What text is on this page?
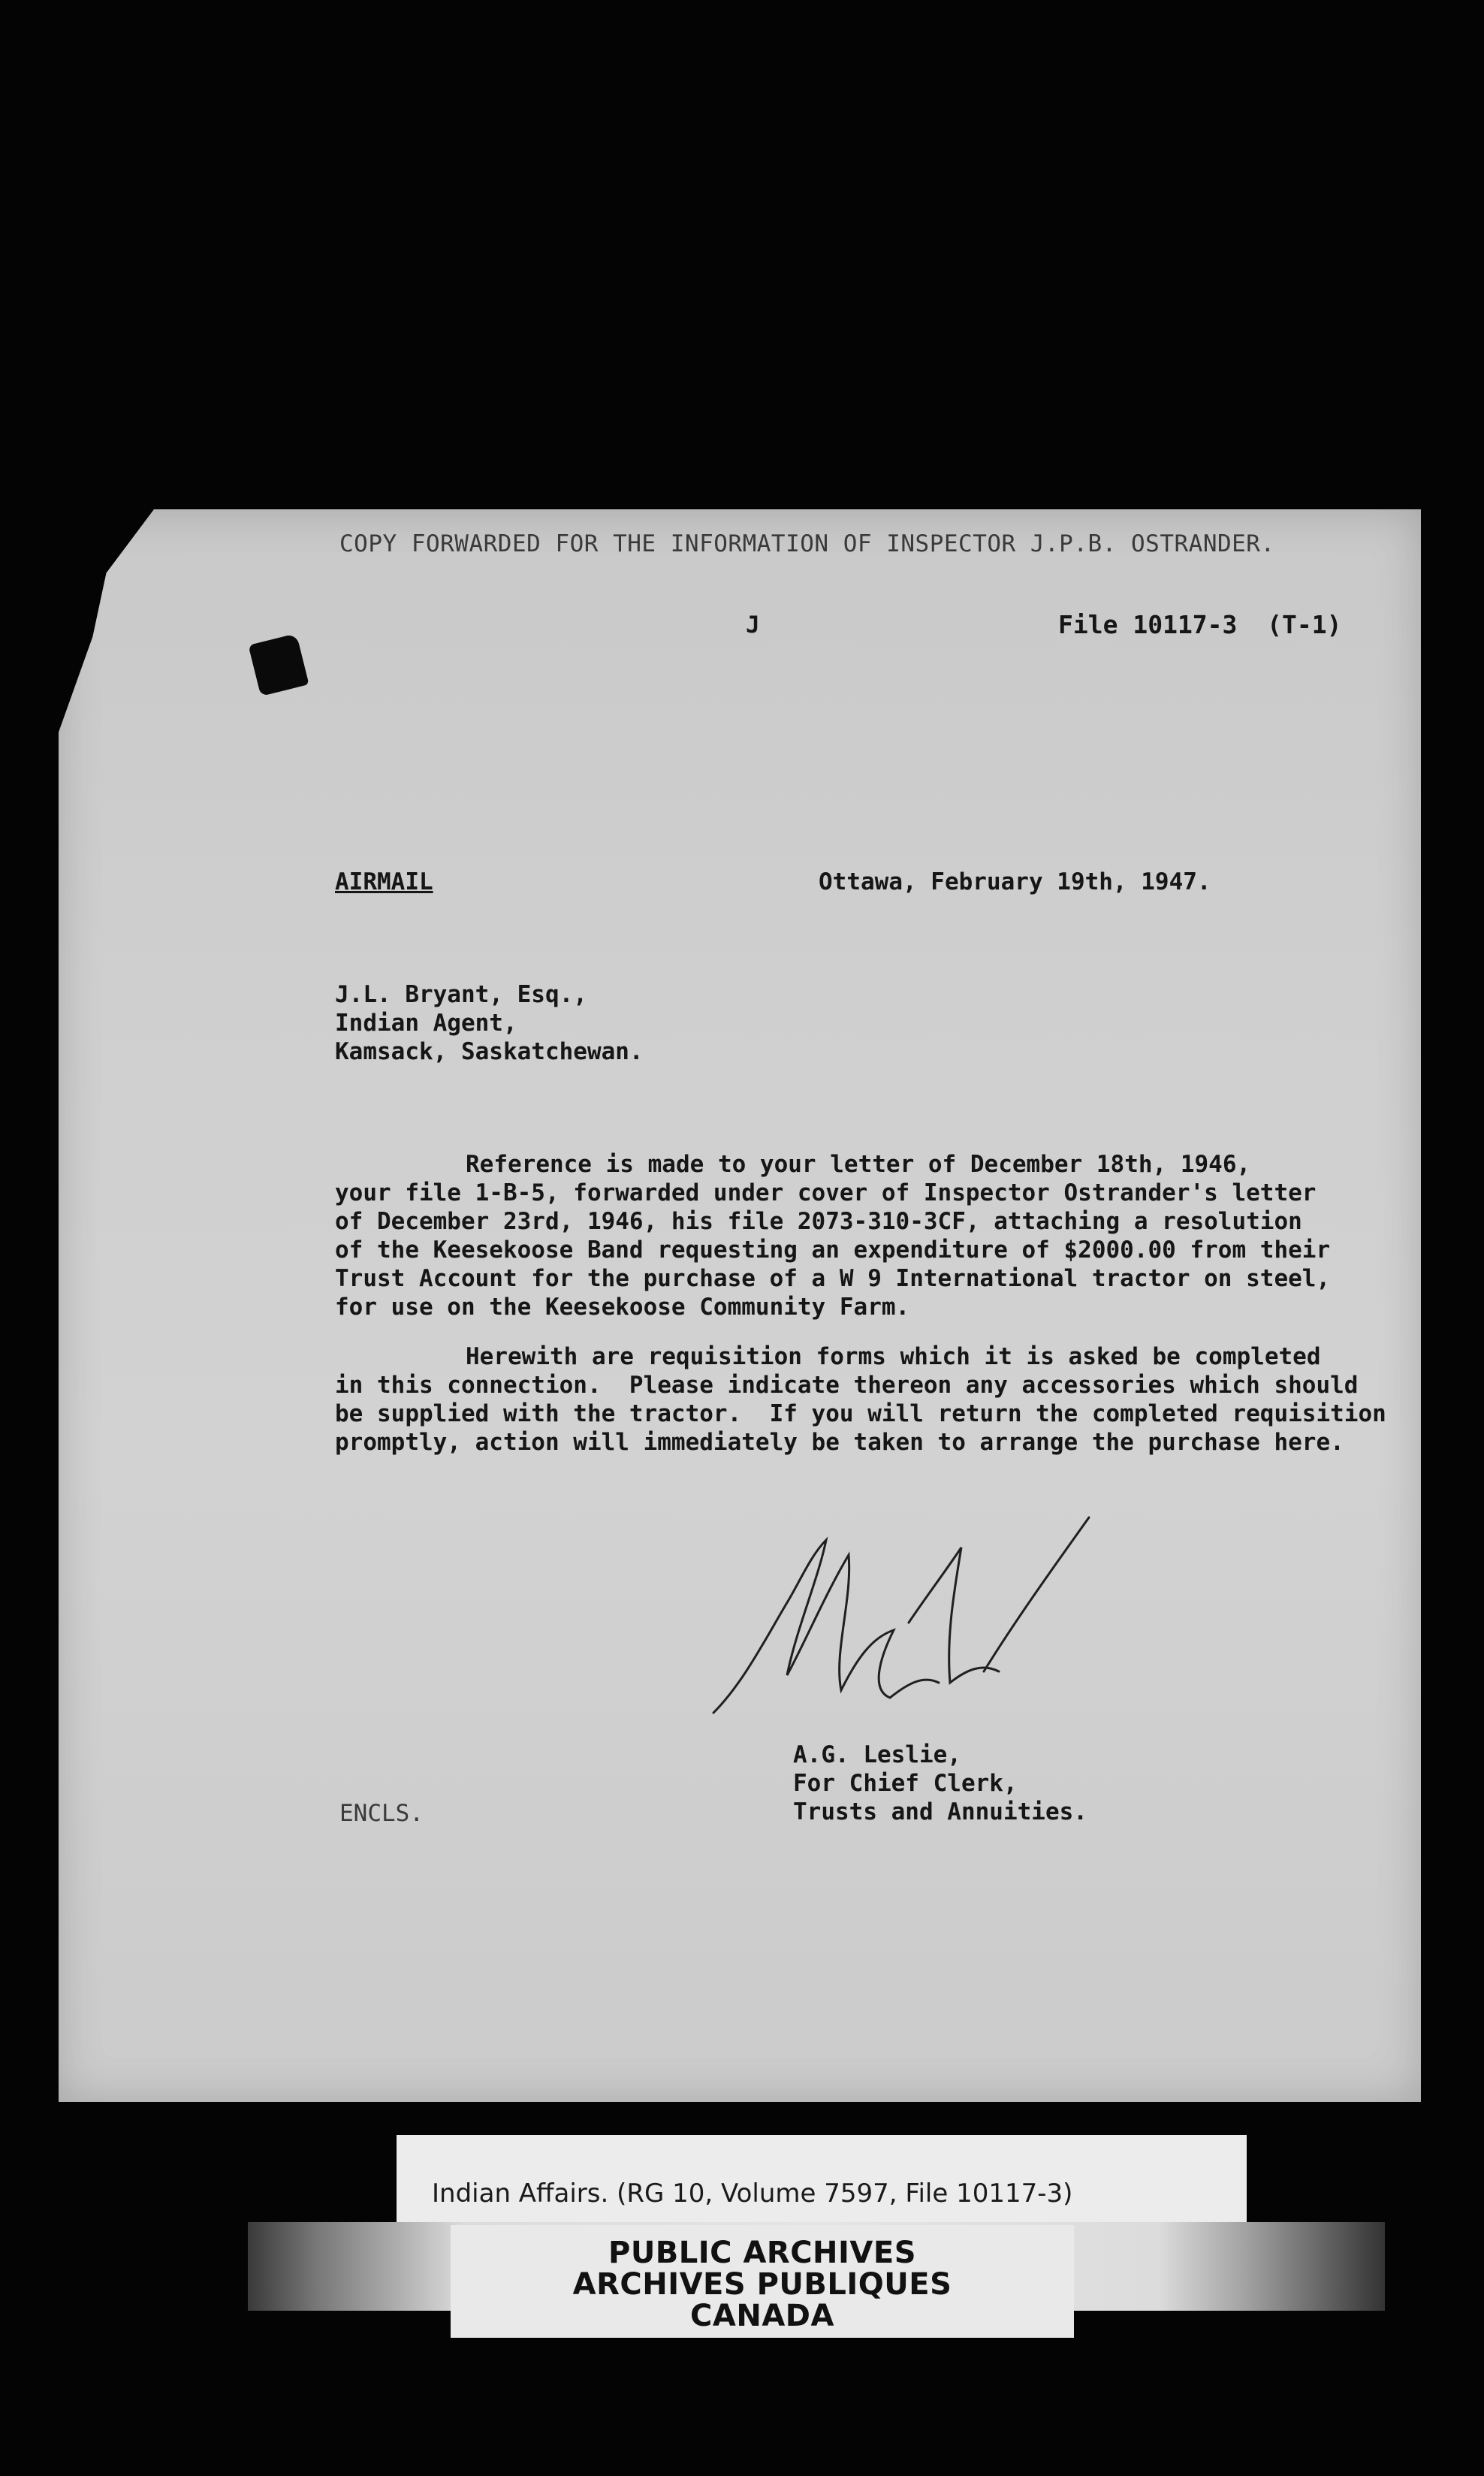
COPY FORWARDED FOR THE INFORMATION OF INSPECTOR J.P.B. OSTRANDER.
J	File 10117-3  (T-1)
AIRMAIL	Ottawa, February 19th, 1947.
J.L. Bryant, Esq.,
Indian Agent,
Kamsack, Saskatchewan.
Reference is made to your letter of December 18th, 1946,
your file 1-B-5, forwarded under cover of Inspector Ostrander's letter
of December 23rd, 1946, his file 2073-310-3CF, attaching a resolution
of the Keesekoose Band requesting an expenditure of $2000.00 from their
Trust Account for the purchase of a W 9 International tractor on steel,
for use on the Keesekoose Community Farm.
Herewith are requisition forms which it is asked be completed
in this connection.  Please indicate thereon any accessories which should
be supplied with the tractor.  If you will return the completed requisition
promptly, action will immediately be taken to arrange the purchase here.
A.G. Leslie,
For Chief Clerk,
Trusts and Annuities.
ENCLS.
Indian Affairs. (RG 10, Volume 7597, File 10117-3)
PUBLIC ARCHIVES
ARCHIVES PUBLIQUES
CANADA
